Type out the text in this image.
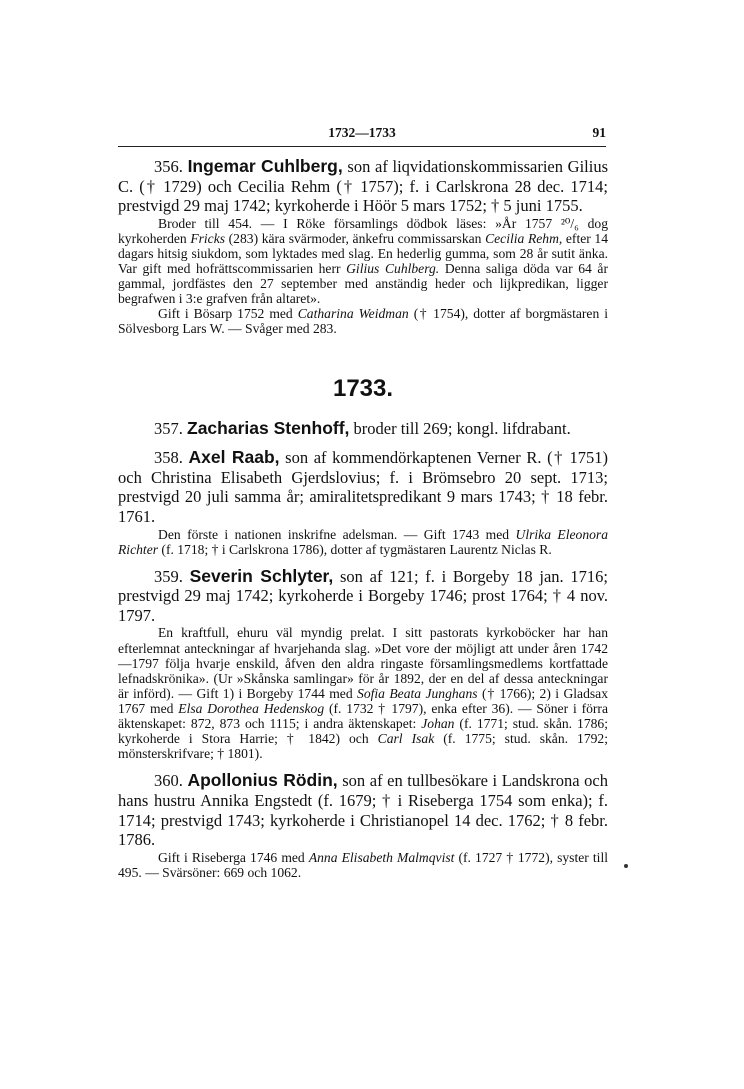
1732—1733	91

356. Ingemar Cuhlberg, son af liqvidationskommissarien Gilius C. († 1729) och Cecilia Rehm († 1757); f. i Carlskrona 28 dec. 1714; prestvigd 29 maj 1742; kyrkoherde i Höör 5 mars 1752; † 5 juni 1755.

Broder till 454. — I Röke församlings dödbok läses: »År 1757 ²⁰/₆ dog kyrkoherden Fricks (283) kära svärmoder, änkefru commissarskan Cecilia Rehm, efter 14 dagars hitsig siukdom, som lyktades med slag. En hederlig gumma, som 28 år sutit änka. Var gift med hofrättscommissarien herr Gilius Cuhlberg. Denna saliga döda var 64 år gammal, jordfästes den 27 september med anständig heder och lijkpredikan, ligger begrafwen i 3:e grafven från altaret».

Gift i Bösarp 1752 med Catharina Weidman († 1754), dotter af borgmästaren i Sölvesborg Lars W. — Svåger med 283.

1733.

357. Zacharias Stenhoff, broder till 269; kongl. lifdrabant.

358. Axel Raab, son af kommendörkaptenen Verner R. († 1751) och Christina Elisabeth Gjerdslovius; f. i Brömsebro 20 sept. 1713; prestvigd 20 juli samma år; amiralitetspredikant 9 mars 1743; † 18 febr. 1761.

Den förste i nationen inskrifne adelsman. — Gift 1743 med Ulrika Eleonora Richter (f. 1718; † i Carlskrona 1786), dotter af tygmästaren Laurentz Niclas R.

359. Severin Schlyter, son af 121; f. i Borgeby 18 jan. 1716; prestvigd 29 maj 1742; kyrkoherde i Borgeby 1746; prost 1764; † 4 nov. 1797.

En kraftfull, ehuru väl myndig prelat. I sitt pastorats kyrkoböcker har han efterlemnat anteckningar af hvarjehanda slag. »Det vore der möjligt att under åren 1742—1797 följa hvarje enskild, åfven den aldra ringaste församlingsmedlems kortfattade lefnadskrönika». (Ur »Skånska samlingar» för år 1892, der en del af dessa anteckningar är införd). — Gift 1) i Borgeby 1744 med Sofia Beata Junghans († 1766); 2) i Gladsax 1767 med Elsa Dorothea Hedenskog (f. 1732 † 1797), enka efter 36). — Söner i förra äktenskapet: 872, 873 och 1115; i andra äktenskapet: Johan (f. 1771; stud. skån. 1786; kyrkoherde i Stora Harrie; † 1842) och Carl Isak (f. 1775; stud. skån. 1792; mönsterskrifvare; † 1801).

360. Apollonius Rödin, son af en tullbesökare i Landskrona och hans hustru Annika Engstedt (f. 1679; † i Riseberga 1754 som enka); f. 1714; prestvigd 1743; kyrkoherde i Christianopel 14 dec. 1762; † 8 febr. 1786.

Gift i Riseberga 1746 med Anna Elisabeth Malmqvist (f. 1727 † 1772), syster till 495. — Svärsöner: 669 och 1062.
